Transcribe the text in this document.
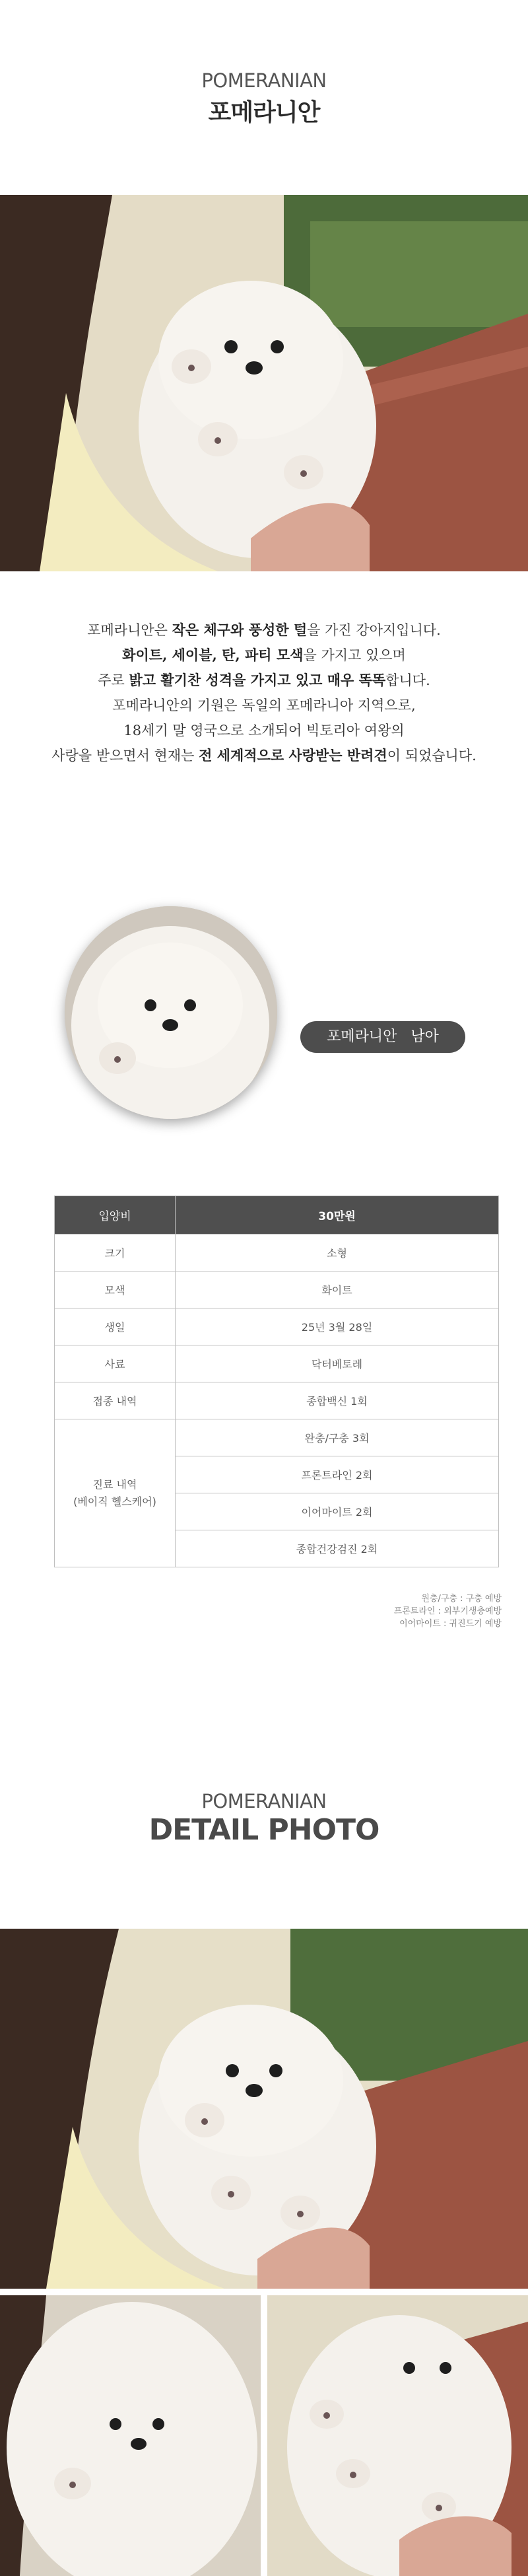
POMERANIAN
포메라니안

포메라니안은 작은 체구와 풍성한 털을 가진 강아지입니다.

화이트, 세이블, 탄, 파티 모색을 가지고 있으며

주로 밝고 활기찬 성격을 가지고 있고 매우 똑똑합니다.

포메라니안의 기원은 독일의 포메라니아 지역으로,

18세기 말 영국으로 소개되어 빅토리아 여왕의

사랑을 받으면서 현재는 전 세계적으로 사랑받는 반려견이 되었습니다.

포메라니안 남아
입양비	30만원
크기	소형
모색	화이트
생일	25년 3월 28일
사료	닥터베토레
접종 내역	종합백신 1회

진료 내역
(베이직 헬스케어)	완충/구충 3회
	프론트라인 2회
	이어마이트 2회
	종합건강검진 2회
원충/구충 : 구충 예방
프론트라인 : 외부기생충예방
이어마이트 : 귀진드기 예방
POMERANIAN
DETAIL PHOTO
